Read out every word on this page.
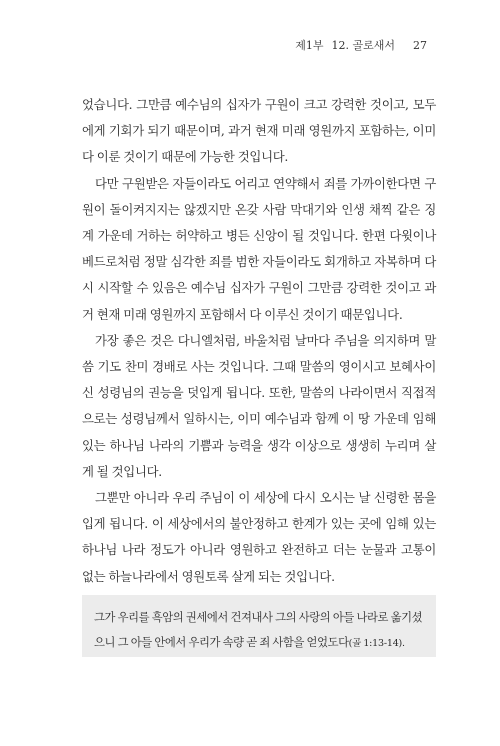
제1부 12. 골로새서 27

었습니다. 그만큼 예수님의 십자가 구원이 크고 강력한 것이고, 모두에게 기회가 되기 때문이며, 과거 현재 미래 영원까지 포함하는, 이미 다 이룬 것이기 때문에 가능한 것입니다.

다만 구원받은 자들이라도 어리고 연약해서 죄를 가까이한다면 구원이 돌이켜지지는 않겠지만 온갖 사람 막대기와 인생 채찍 같은 징계 가운데 거하는 허약하고 병든 신앙이 될 것입니다. 한편 다윗이나 베드로처럼 정말 심각한 죄를 범한 자들이라도 회개하고 자복하며 다시 시작할 수 있음은 예수님 십자가 구원이 그만큼 강력한 것이고 과거 현재 미래 영원까지 포함해서 다 이루신 것이기 때문입니다.

가장 좋은 것은 다니엘처럼, 바울처럼 날마다 주님을 의지하며 말씀 기도 찬미 경배로 사는 것입니다. 그때 말씀의 영이시고 보혜사이신 성령님의 권능을 덧입게 됩니다. 또한, 말씀의 나라이면서 직접적으로는 성령님께서 일하시는, 이미 예수님과 함께 이 땅 가운데 임해 있는 하나님 나라의 기쁨과 능력을 생각 이상으로 생생히 누리며 살게 될 것입니다.

그뿐만 아니라 우리 주님이 이 세상에 다시 오시는 날 신령한 몸을 입게 됩니다. 이 세상에서의 불안정하고 한계가 있는 곳에 임해 있는 하나님 나라 정도가 아니라 영원하고 완전하고 더는 눈물과 고통이 없는 하늘나라에서 영원토록 살게 되는 것입니다.

그가 우리를 흑암의 권세에서 건져내사 그의 사랑의 아들 나라로 옮기셨으니 그 아들 안에서 우리가 속량 곧 죄 사함을 얻었도다(골 1:13-14).
